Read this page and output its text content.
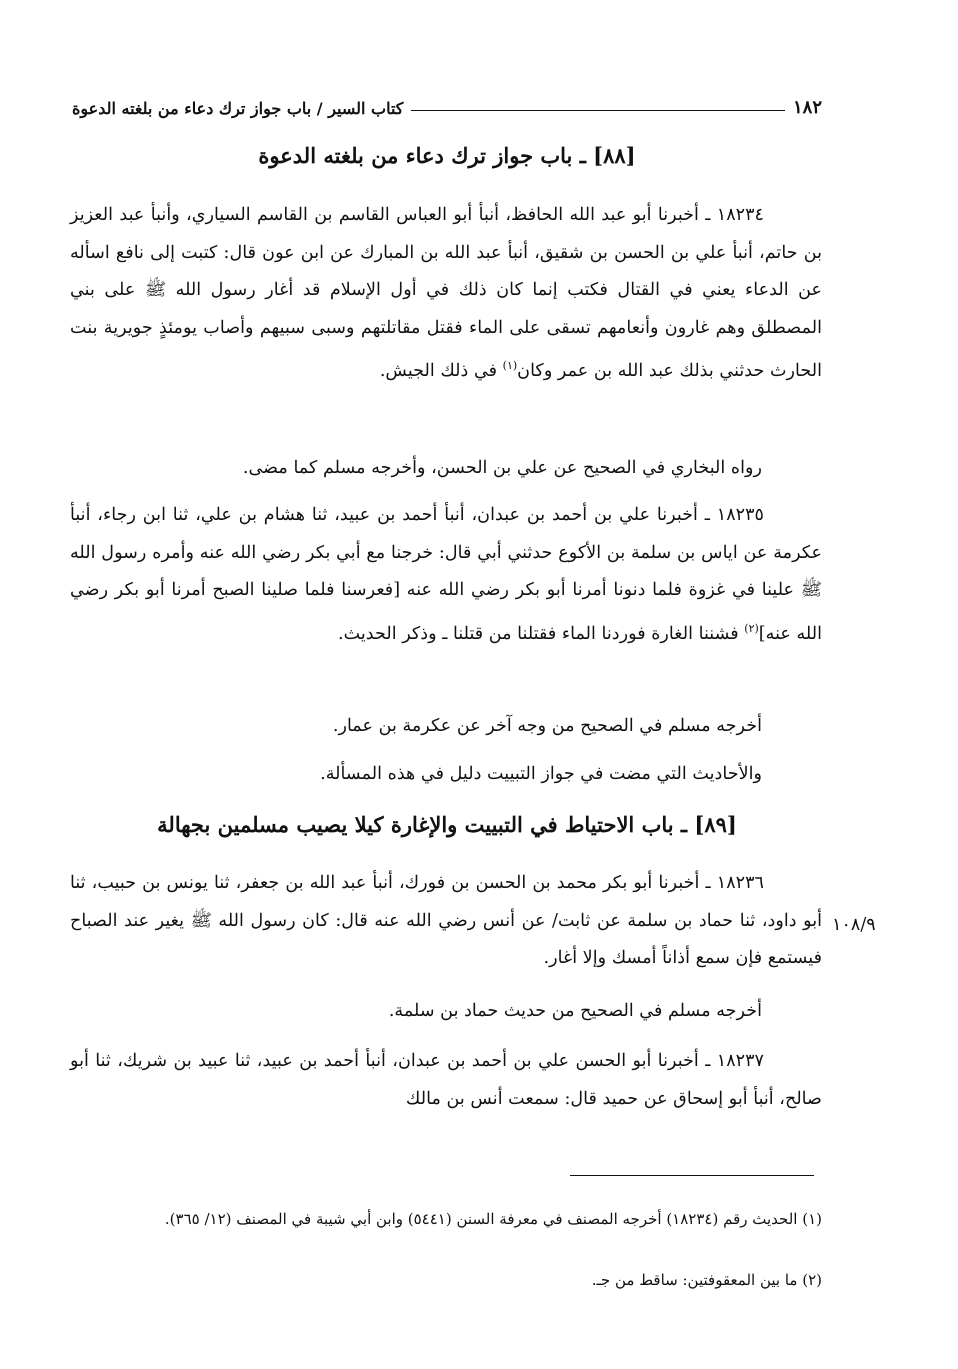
١٨٢
كتاب السير / باب جواز ترك دعاء من بلغته الدعوة
[٨٨] ـ باب جواز ترك دعاء من بلغته الدعوة
١٨٢٣٤ ـ أخبرنا أبو عبد الله الحافظ، أنبأ أبو العباس القاسم بن القاسم السياري، وأنبأ عبد العزيز بن حاتم، أنبأ علي بن الحسن بن شقيق، أنبأ عبد الله بن المبارك عن ابن عون قال: كتبت إلى نافع اسأله عن الدعاء يعني في القتال فكتب إنما كان ذلك في أول الإسلام قد أغار رسول الله ﷺ على بني المصطلق وهم غارون وأنعامهم تسقى على الماء فقتل مقاتلتهم وسبى سبيهم وأصاب يومئذٍ جويرية بنت الحارث حدثني بذلك عبد الله بن عمر وكان$^{(١)}$ في ذلك الجيش.
رواه البخاري في الصحيح عن علي بن الحسن، وأخرجه مسلم كما مضى.
١٨٢٣٥ ـ أخبرنا علي بن أحمد بن عبدان، أنبأ أحمد بن عبيد، ثنا هشام بن علي، ثنا ابن رجاء، أنبأ عكرمة عن اياس بن سلمة بن الأكوع حدثني أبي قال: خرجنا مع أبي بكر رضي الله عنه وأمره رسول الله ﷺ علينا في غزوة فلما دنونا أمرنا أبو بكر رضي الله عنه [فعرسنا فلما صلينا الصبح أمرنا أبو بكر رضي الله عنه]$^{(٢)}$ فشننا الغارة فوردنا الماء فقتلنا من قتلنا ـ وذكر الحديث.
أخرجه مسلم في الصحيح من وجه آخر عن عكرمة بن عمار.
والأحاديث التي مضت في جواز التبييت دليل في هذه المسألة.
[٨٩] ـ باب الاحتياط في التبييت والإغارة كيلا يصيب مسلمين بجهالة
١٨٢٣٦ ـ أخبرنا أبو بكر محمد بن الحسن بن فورك، أنبأ عبد الله بن جعفر، ثنا يونس بن حبيب، ثنا أبو داود، ثنا حماد بن سلمة عن ثابت/ عن أنس رضي الله عنه قال: كان رسول الله ﷺ يغير عند الصباح فيستمع فإن سمع أذاناً أمسك وإلا أغار.
١٠٨/٩
أخرجه مسلم في الصحيح من حديث حماد بن سلمة.
١٨٢٣٧ ـ أخبرنا أبو الحسن علي بن أحمد بن عبدان، أنبأ أحمد بن عبيد، ثنا عبيد بن شريك، ثنا أبو صالح، أنبأ أبو إسحاق عن حميد قال: سمعت أنس بن مالك
(١) الحديث رقم (١٨٢٣٤) أخرجه المصنف في معرفة السنن (٥٤٤١) وابن أبي شيبة في المصنف (١٢/ ٣٦٥).
(٢) ما بين المعقوفتين: ساقط من جـ.
